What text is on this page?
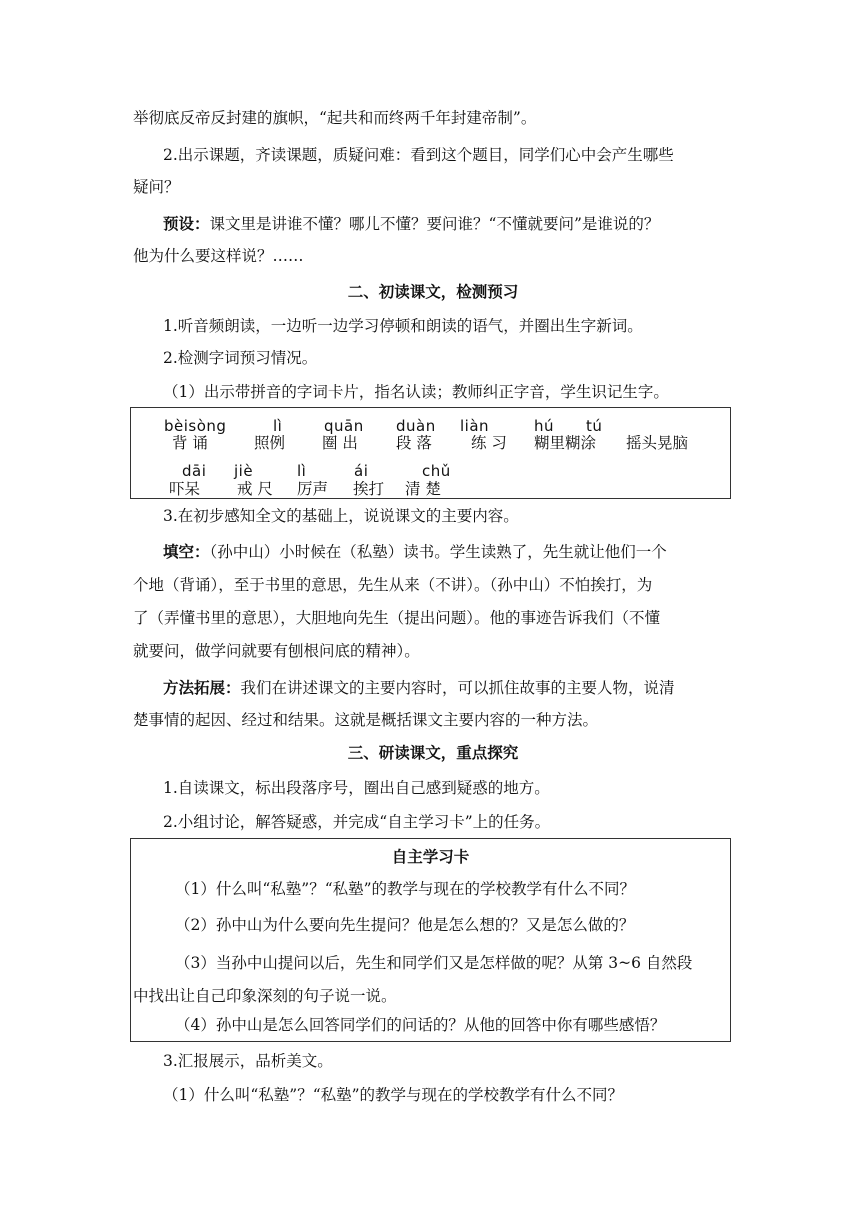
举彻底反帝反封建的旗帜，“起共和而终两千年封建帝制”。
2.出示课题，齐读课题，质疑问难：看到这个题目，同学们心中会产生哪些
疑问？
预设：课文里是讲谁不懂？哪儿不懂？要问谁？“不懂就要问”是谁说的？
他为什么要这样说？……
二、初读课文，检测预习
1.听音频朗读，一边听一边学习停顿和朗读的语气，并圈出生字新词。
2.检测字词预习情况。
（1）出示带拼音的字词卡片，指名认读；教师纠正字音，学生识记生字。
bèisòng	lì	quān duàn liàn	hú tú
背 诵	照例 圈 出 段 落	练 习 糊里糊涂 摇头晃脑
dāi jiè	lì	ái	chǔ
吓呆 戒 尺 厉声 挨打 清 楚
3.在初步感知全文的基础上，说说课文的主要内容。
填空：（孙中山）小时候在（私塾）读书。学生读熟了，先生就让他们一个
个地（背诵），至于书里的意思，先生从来（不讲）。（孙中山）不怕挨打，为
了（弄懂书里的意思），大胆地向先生（提出问题）。他的事迹告诉我们（不懂
就要问，做学问就要有刨根问底的精神）。
方法拓展：我们在讲述课文的主要内容时，可以抓住故事的主要人物，说清
楚事情的起因、经过和结果。这就是概括课文主要内容的一种方法。
三、研读课文，重点探究
1.自读课文，标出段落序号，圈出自己感到疑惑的地方。
2.小组讨论，解答疑惑，并完成“自主学习卡”上的任务。
自主学习卡
（1）什么叫“私塾”？“私塾”的教学与现在的学校教学有什么不同？
（2）孙中山为什么要向先生提问？他是怎么想的？又是怎么做的？
（3）当孙中山提问以后，先生和同学们又是怎样做的呢？从第 3~6 自然段
中找出让自己印象深刻的句子说一说。
（4）孙中山是怎么回答同学们的问话的？从他的回答中你有哪些感悟？
3.汇报展示，品析美文。
（1）什么叫“私塾”？“私塾”的教学与现在的学校教学有什么不同？
